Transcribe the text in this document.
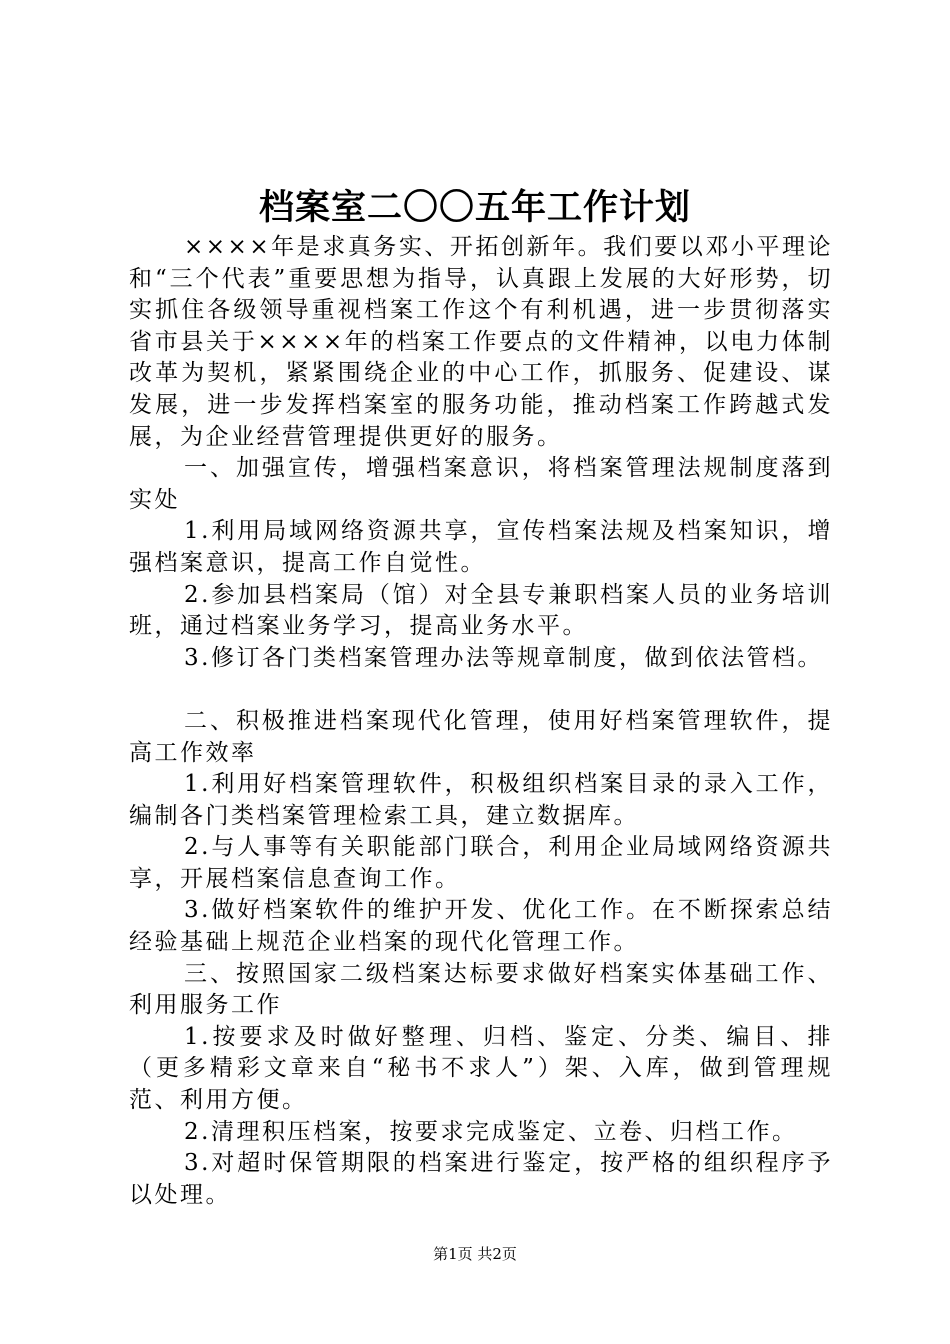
档案室二〇〇五年工作计划

××××年是求真务实、开拓创新年。我们要以邓小平理论和“三个代表”重要思想为指导，认真跟上发展的大好形势，切实抓住各级领导重视档案工作这个有利机遇，进一步贯彻落实省市县关于××××年的档案工作要点的文件精神，以电力体制改革为契机，紧紧围绕企业的中心工作，抓服务、促建设、谋发展，进一步发挥档案室的服务功能，推动档案工作跨越式发展，为企业经营管理提供更好的服务。

一、加强宣传，增强档案意识，将档案管理法规制度落到实处

1.利用局域网络资源共享，宣传档案法规及档案知识，增强档案意识，提高工作自觉性。

2.参加县档案局（馆）对全县专兼职档案人员的业务培训班，通过档案业务学习，提高业务水平。

3.修订各门类档案管理办法等规章制度，做到依法管档。

二、积极推进档案现代化管理，使用好档案管理软件，提高工作效率

1.利用好档案管理软件，积极组织档案目录的录入工作，编制各门类档案管理检索工具，建立数据库。

2.与人事等有关职能部门联合，利用企业局域网络资源共享，开展档案信息查询工作。

3.做好档案软件的维护开发、优化工作。在不断探索总结经验基础上规范企业档案的现代化管理工作。

三、按照国家二级档案达标要求做好档案实体基础工作、利用服务工作

1.按要求及时做好整理、归档、鉴定、分类、编目、排（更多精彩文章来自“秘书不求人”）架、入库，做到管理规范、利用方便。

2.清理积压档案，按要求完成鉴定、立卷、归档工作。

3.对超时保管期限的档案进行鉴定，按严格的组织程序予以处理。

第1页 共2页
